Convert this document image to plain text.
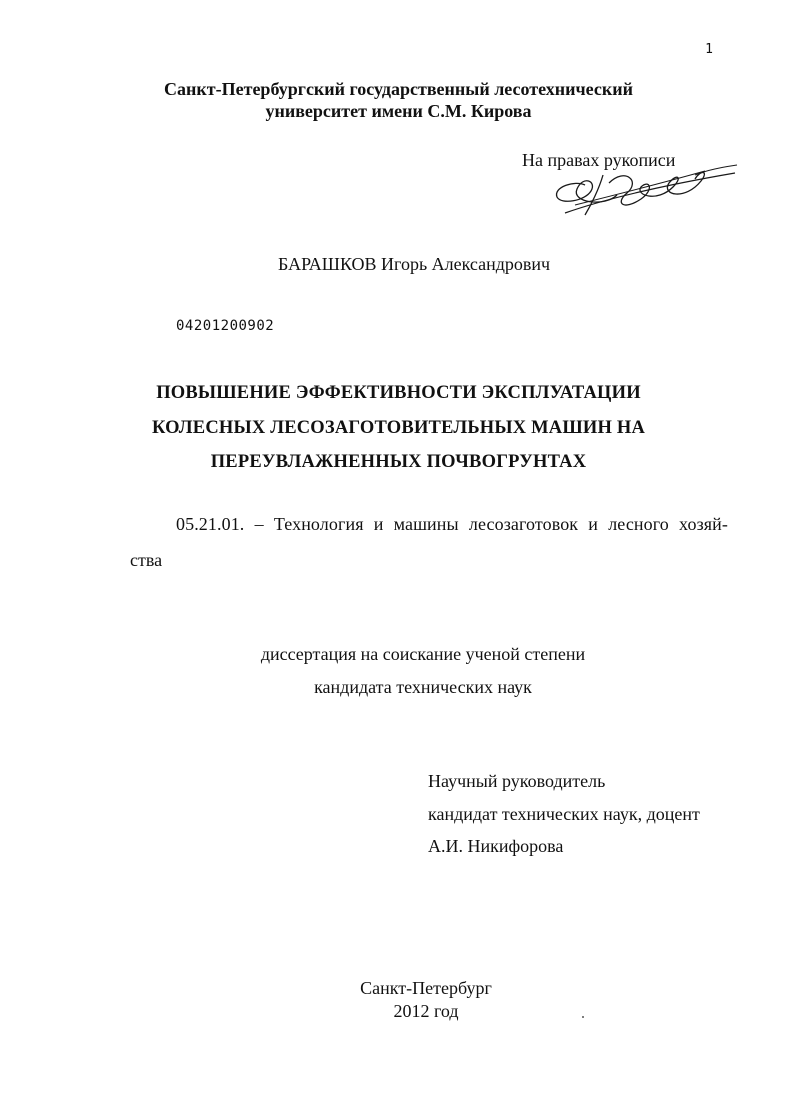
1
Санкт-Петербургский государственный лесотехнический
университет имени С.М. Кирова
На правах рукописи
БАРАШКОВ Игорь Александрович
04201200902
ПОВЫШЕНИЕ ЭФФЕКТИВНОСТИ ЭКСПЛУАТАЦИИ
КОЛЕСНЫХ ЛЕСОЗАГОТОВИТЕЛЬНЫХ МАШИН НА
ПЕРЕУВЛАЖНЕННЫХ ПОЧВОГРУНТАХ
05.21.01. – Технология и машины лесозаготовок и лесного хозяй-
ства
диссертация на соискание ученой степени
кандидата технических наук
Научный руководитель
кандидат технических наук, доцент
А.И. Никифорова
Санкт-Петербург
2012 год
